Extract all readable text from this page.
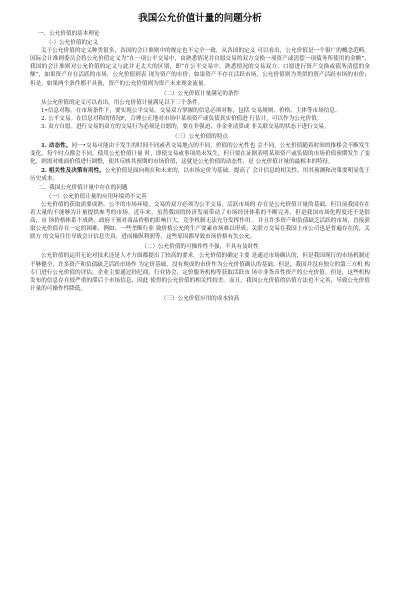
我国公允价值计量的问题分析
一、公允价值的基本理论
（-）公允价值的定义

关于公允价值的定义种类很多，各国的会计准则中的规定也不完全一致，从各国的定义 可以看出，公允价值是一个很广的概念范畴。国际会计准则委员会将公允价值定义为“在一项公平交易中，由熟悉情况并自愿交易的双方交换一项资产或清偿一项债务所使用的金额”，我国的会计准则对公允价值的定义与此并无太大的区别，即“在公平交易中，熟悉情况的交易双方，口愿进行资产交换或债务清偿的金额”，如果资产存在活跃的市场，公允价值则表 现为资产的市价；如果资产不存在活跃市场，公允价值则为类似的资产活跃市场的市价；但是，如果两个条件都不具备，资产的公允价值则为资产未来现金流量。

（二）公允价值计量满足的条件

从公允价值的定义可以看出，用公允价值计量满足以下三个条件。

1•信息对称。在市场条件下，要实现公平交易，交易双方掌握的信息必须对称，包括 交易规则、价格、主体等市场信息。

2. 公平交易。在信息对称的情况F，合理公正地对市场中某项资产或负债真实价值进 行估计，可以作为公允价值。

3. 双方自愿。进行交易的双方的交易行为必须是自愿的，要在非强迫、非金业清算或 非关联交易的状态下进行交易。

（三）公允价值的特点

1. 动态性。同一•交易可能由于发生的时间不同或者交易地点的不同，价值的公允性也 会不同。公允价值随着时间的推移会不断发生变化，每个时点都会不同。使用公允价值计量 时，即使交易或事项尚未发生，但只要在证据表明某项资产或负债的市场价值预期发生了变化，则需对账面价值进行调整，使其反映其预期的市场价值，这就是公允价值的动态性，是 公允价值计量的最根本的特征。

2. 相关性及决策有用性。公允价值是面向现在和未来的，以市场定价为基础，提高了 会计信息的相关性，用其预测和决策要明显优于历史成本。

二、我国公允价值计量中存在的问题
（一）公允价值计量的应用环境尚不完善

公允价值的获取需要成熟、公平的市场环境，交易的双方必须为公平交易，活跃市场的 存在是公允价值计量的基础，但目前我国存在着大量的不能够为计量提供参考的市场。近年来，虽然我国的经济发展带动了市场经济体系的不断完善，但是我国市场化程度还不是很高，市 场价格体系不成熟，政府干预对商品价格的影响巨大，竞争机制无法充分发挥作用。 并且许多资产和负债缺乏活跃的市场，直接获取公允价值存在一定的困难，例如，一些垄断行业 致价格公允的生产要素市场难以形成；关联方交易在我国上市公司也是普遍存在的，关联方 的交易往往导致会计信息失真，进而操纵利润等，这些原因都导致市场价格有失公允。

（二）公允价值的可操作性不强，不具有及时性

公允价值的运用无论对技术还是人才方面都提出了较高的要求。公允价值的确定主要 是通过市场确认的，但是我国现行的市场机制还不够健全，许多资产和负债缺乏活跃市场作 为定价基础，没有现成的市价作为公允价值确认的基础。但是，我国并没有独立的第三方机 构专门进行公允价值的评估，企业主要通过经纪商、行业协会、定价服务机构等获取活跃市 场中非货币性资产的公允价值。但是，这些机构发布的信息存在较严重的滞后于市场信息，因此 使得的公允价值的相关性较差。而且，我国公允价值的估值方法也不完善，导致公允价值 计量的可操作性降低。

（三）公允价值应用的成本较高
